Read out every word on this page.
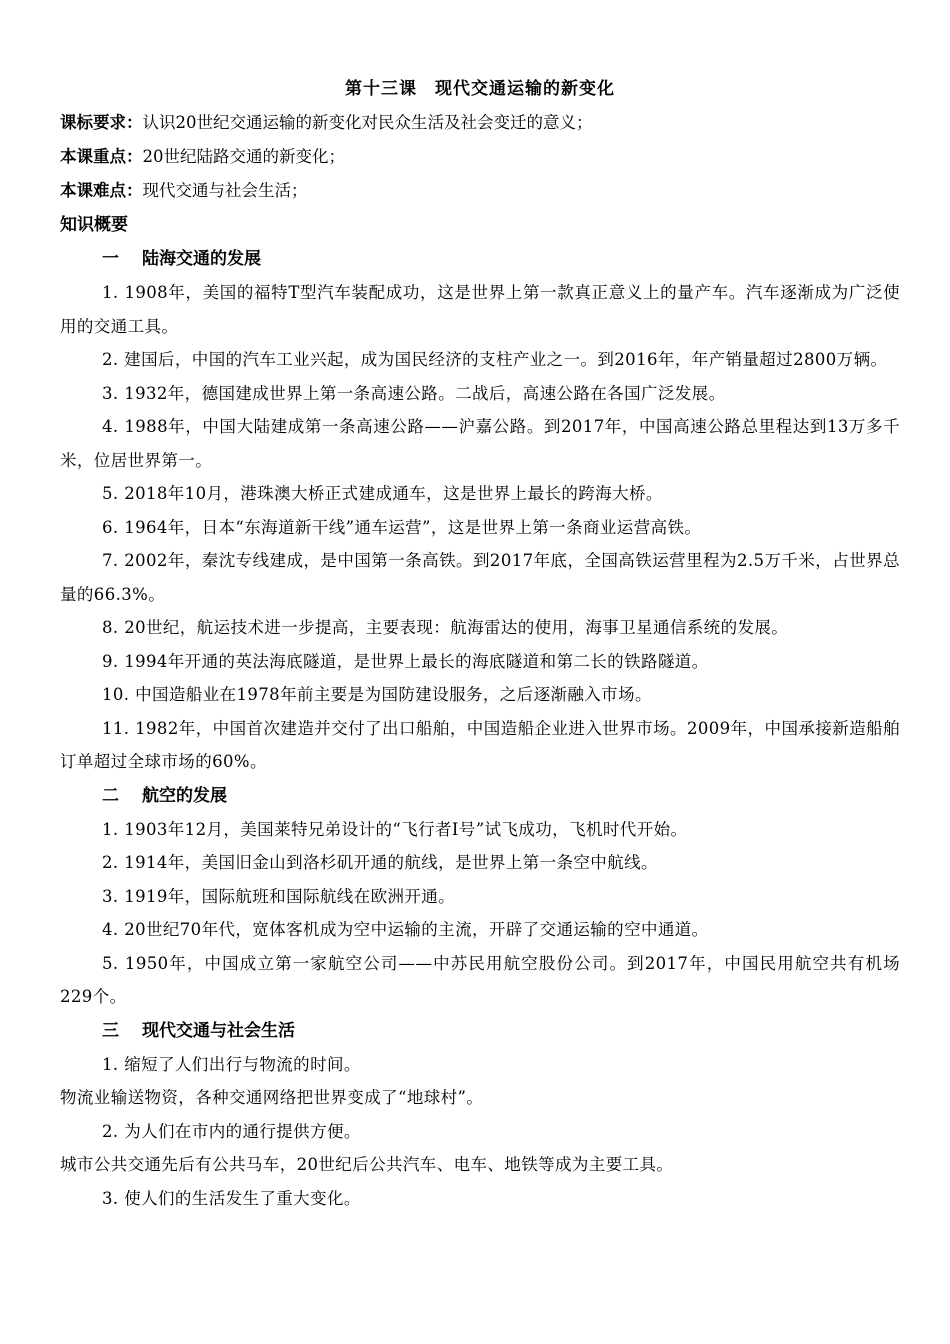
第十三课　现代交通运输的新变化
课标要求：认识20世纪交通运输的新变化对民众生活及社会变迁的意义；
本课重点：20世纪陆路交通的新变化；
本课难点：现代交通与社会生活；
知识概要
一 陆海交通的发展

1. 1908年，美国的福特T型汽车装配成功，这是世界上第一款真正意义上的量产车。汽车逐渐成为广泛使用的交通工具。

2. 建国后，中国的汽车工业兴起，成为国民经济的支柱产业之一。到2016年，年产销量超过2800万辆。

3. 1932年，德国建成世界上第一条高速公路。二战后，高速公路在各国广泛发展。

4. 1988年，中国大陆建成第一条高速公路——沪嘉公路。到2017年，中国高速公路总里程达到13万多千米，位居世界第一。

5. 2018年10月，港珠澳大桥正式建成通车，这是世界上最长的跨海大桥。

6. 1964年，日本“东海道新干线”通车运营”，这是世界上第一条商业运营高铁。

7. 2002年，秦沈专线建成，是中国第一条高铁。到2017年底，全国高铁运营里程为2.5万千米，占世界总量的66.3%。

8. 20世纪，航运技术进一步提高，主要表现：航海雷达的使用，海事卫星通信系统的发展。

9. 1994年开通的英法海底隧道，是世界上最长的海底隧道和第二长的铁路隧道。

10. 中国造船业在1978年前主要是为国防建设服务，之后逐渐融入市场。

11. 1982年，中国首次建造并交付了出口船舶，中国造船企业进入世界市场。2009年，中国承接新造船舶订单超过全球市场的60%。

二 航空的发展

1. 1903年12月，美国莱特兄弟设计的“飞行者Ⅰ号”试飞成功，飞机时代开始。

2. 1914年，美国旧金山到洛杉矶开通的航线，是世界上第一条空中航线。

3. 1919年，国际航班和国际航线在欧洲开通。

4. 20世纪70年代，宽体客机成为空中运输的主流，开辟了交通运输的空中通道。

5. 1950年，中国成立第一家航空公司——中苏民用航空股份公司。到2017年，中国民用航空共有机场229个。

三 现代交通与社会生活

1. 缩短了人们出行与物流的时间。

物流业输送物资，各种交通网络把世界变成了“地球村”。

2. 为人们在市内的通行提供方便。

城市公共交通先后有公共马车，20世纪后公共汽车、电车、地铁等成为主要工具。

3. 使人们的生活发生了重大变化。
